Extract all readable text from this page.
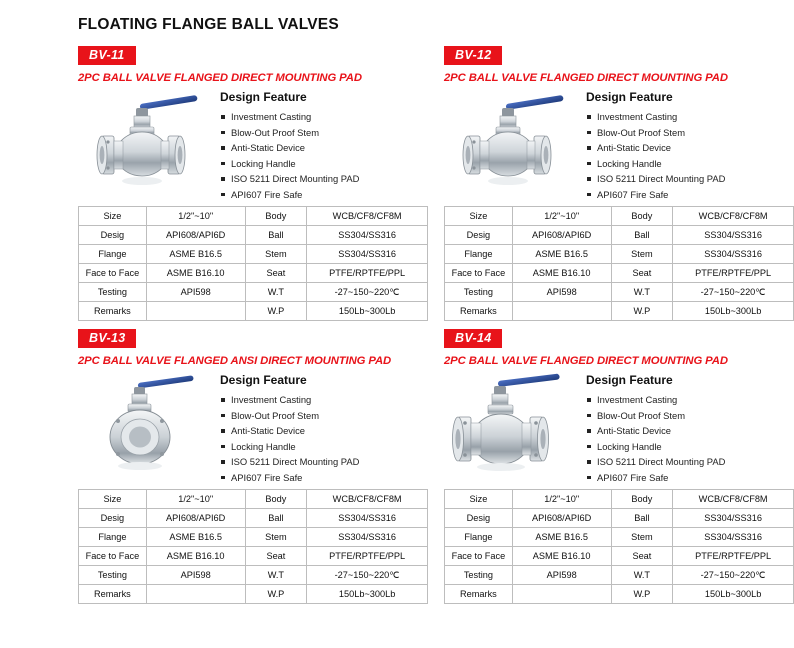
FLOATING FLANGE BALL VALVES
BV-11
2PC BALL VALVE FLANGED DIRECT MOUNTING PAD
Design Feature
Investment Casting
Blow-Out Proof Stem
Anti-Static Device
Locking Handle
ISO 5211 Direct Mounting PAD
API607 Fire Safe
Size	1/2"~10"	Body	WCB/CF8/CF8M
Desig	API608/API6D	Ball	SS304/SS316
Flange	ASME B16.5	Stem	SS304/SS316
Face to Face	ASME B16.10	Seat	PTFE/RPTFE/PPL
Testing	API598	W.T	-27~150~220℃
Remarks		W.P	150Lb~300Lb
BV-12
2PC BALL VALVE FLANGED DIRECT MOUNTING PAD
Design Feature
Investment Casting
Blow-Out Proof Stem
Anti-Static Device
Locking Handle
ISO 5211 Direct Mounting PAD
API607 Fire Safe
Size	1/2"~10"	Body	WCB/CF8/CF8M
Desig	API608/API6D	Ball	SS304/SS316
Flange	ASME B16.5	Stem	SS304/SS316
Face to Face	ASME B16.10	Seat	PTFE/RPTFE/PPL
Testing	API598	W.T	-27~150~220℃
Remarks		W.P	150Lb~300Lb
BV-13
2PC BALL VALVE FLANGED ANSI DIRECT MOUNTING PAD
Design Feature
Investment Casting
Blow-Out Proof Stem
Anti-Static Device
Locking Handle
ISO 5211 Direct Mounting PAD
API607 Fire Safe
Size	1/2"~10"	Body	WCB/CF8/CF8M
Desig	API608/API6D	Ball	SS304/SS316
Flange	ASME B16.5	Stem	SS304/SS316
Face to Face	ASME B16.10	Seat	PTFE/RPTFE/PPL
Testing	API598	W.T	-27~150~220℃
Remarks		W.P	150Lb~300Lb
BV-14
2PC BALL VALVE FLANGED DIRECT MOUNTING PAD
Design Feature
Investment Casting
Blow-Out Proof Stem
Anti-Static Device
Locking Handle
ISO 5211 Direct Mounting PAD
API607 Fire Safe
Size	1/2"~10"	Body	WCB/CF8/CF8M
Desig	API608/API6D	Ball	SS304/SS316
Flange	ASME B16.5	Stem	SS304/SS316
Face to Face	ASME B16.10	Seat	PTFE/RPTFE/PPL
Testing	API598	W.T	-27~150~220℃
Remarks		W.P	150Lb~300Lb
